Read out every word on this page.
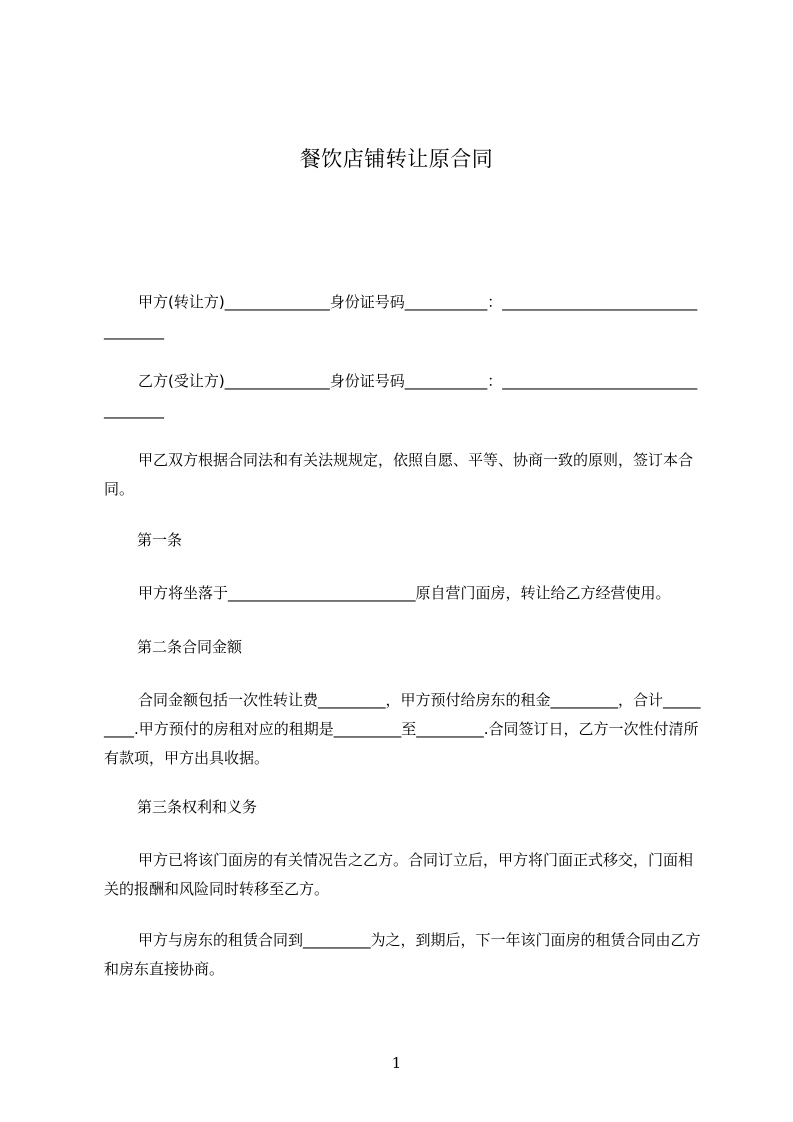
餐饮店铺转让原合同
甲方(转让方)______________身份证号码___________：__________________________________
乙方(受让方)______________身份证号码___________：__________________________________
甲乙双方根据合同法和有关法规规定，依照自愿、平等、协商一致的原则，签订本合同。
第一条
甲方将坐落于_________________________原自营门面房，转让给乙方经营使用。
第二条合同金额
合同金额包括一次性转让费_________，甲方预付给房东的租金_________，合计_________.甲方预付的房租对应的租期是_________至_________.合同签订日，乙方一次性付清所有款项，甲方出具收据。
第三条权利和义务
甲方已将该门面房的有关情况告之乙方。合同订立后，甲方将门面正式移交，门面相关的报酬和风险同时转移至乙方。
甲方与房东的租赁合同到_________为之，到期后，下一年该门面房的租赁合同由乙方和房东直接协商。
1
